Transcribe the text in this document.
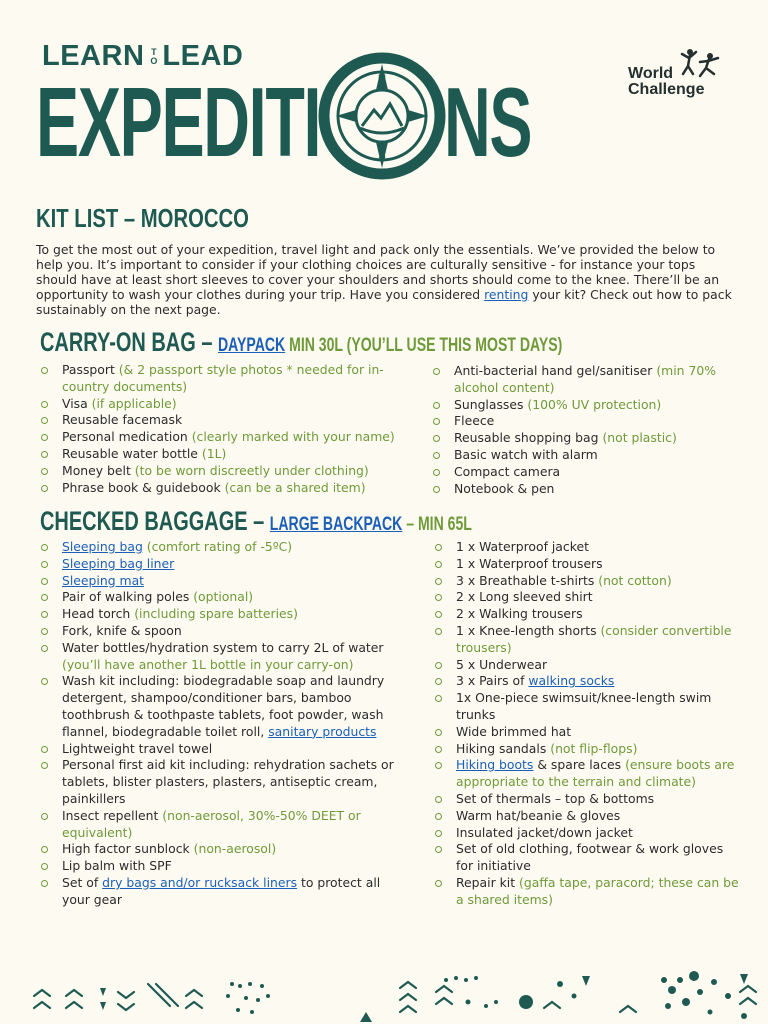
LEARN T
O LEAD
EXPEDITI	N
S NS	World
Challenge
KIT LIST – MOROCCO

To get the most out of your expedition, travel light and pack only the essentials. We’ve provided the below to help you. It’s important to consider if your clothing choices are culturally sensitive - for instance your tops should have at least short sleeves to cover your shoulders and shorts should come to the knee. There’ll be an opportunity to wash your clothes during your trip. Have you considered renting your kit? Check out how to pack sustainably on the next page.

CARRY-ON BAG – DAYPACK MIN 30L (YOU’LL USE THIS MOST DAYS)
Passport (& 2 passport style photos * needed for in-country documents)
Visa (if applicable)
Reusable facemask
Personal medication (clearly marked with your name)
Reusable water bottle (1L)
Money belt (to be worn discreetly under clothing)
Phrase book & guidebook (can be a shared item)
Anti-bacterial hand gel/sanitiser (min 70% alcohol content)
Sunglasses (100% UV protection)
Fleece
Reusable shopping bag (not plastic)
Basic watch with alarm
Compact camera
Notebook & pen
CHECKED BAGGAGE – LARGE BACKPACK – MIN 65L
Sleeping bag (comfort rating of -5ºC)
Sleeping bag liner
Sleeping mat
Pair of walking poles (optional)
Head torch (including spare batteries)
Fork, knife & spoon
Water bottles/hydration system to carry 2L of water (you’ll have another 1L bottle in your carry-on)
Wash kit including: biodegradable soap and laundry detergent, shampoo/conditioner bars, bamboo toothbrush & toothpaste tablets, foot powder, wash flannel, biodegradable toilet roll, sanitary products
Lightweight travel towel
Personal first aid kit including: rehydration sachets or tablets, blister plasters, plasters, antiseptic cream, painkillers
Insect repellent (non-aerosol, 30%-50% DEET or equivalent)
High factor sunblock (non-aerosol)
Lip balm with SPF
Set of dry bags and/or rucksack liners to protect all your gear
1 x Waterproof jacket
1 x Waterproof trousers
3 x Breathable t-shirts (not cotton)
2 x Long sleeved shirt
2 x Walking trousers
1 x Knee-length shorts (consider convertible trousers)
5 x Underwear
3 x Pairs of walking socks
1x One-piece swimsuit/knee-length swim trunks
Wide brimmed hat
Hiking sandals (not flip-flops)
Hiking boots & spare laces (ensure boots are appropriate to the terrain and climate)
Set of thermals – top & bottoms
Warm hat/beanie & gloves
Insulated jacket/down jacket
Set of old clothing, footwear & work gloves for initiative
Repair kit (gaffa tape, paracord; these can be a shared items)
